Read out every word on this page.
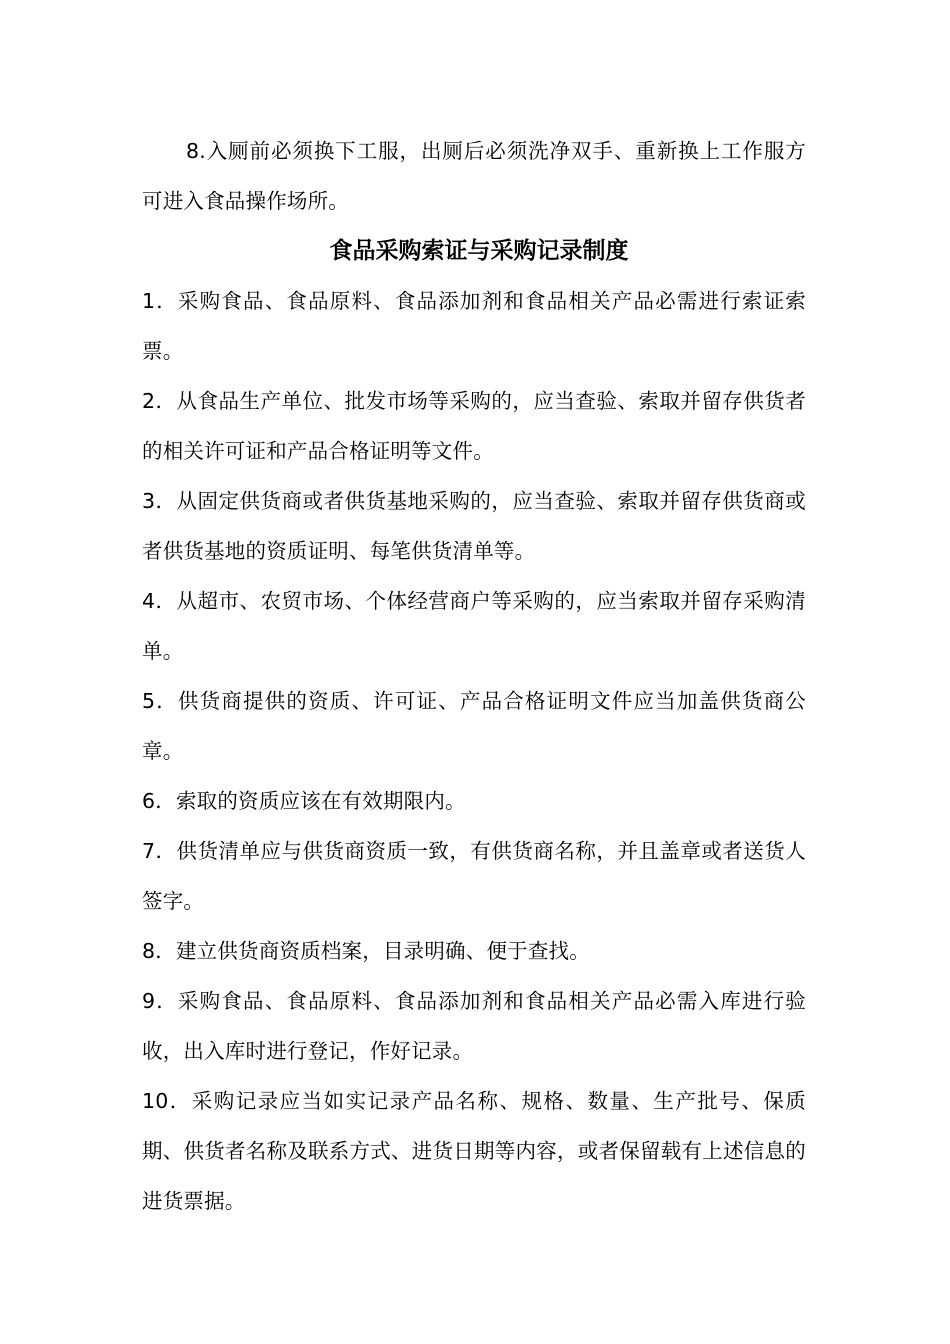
8.入厕前必须换下工服，出厕后必须洗净双手、重新换上工作服方可进入食品操作场所。

食品采购索证与采购记录制度

1．采购食品、食品原料、食品添加剂和食品相关产品必需进行索证索票。

2．从食品生产单位、批发市场等采购的，应当查验、索取并留存供货者的相关许可证和产品合格证明等文件。

3．从固定供货商或者供货基地采购的，应当查验、索取并留存供货商或者供货基地的资质证明、每笔供货清单等。

4．从超市、农贸市场、个体经营商户等采购的，应当索取并留存采购清单。

5．供货商提供的资质、许可证、产品合格证明文件应当加盖供货商公章。

6．索取的资质应该在有效期限内。

7．供货清单应与供货商资质一致，有供货商名称，并且盖章或者送货人签字。

8．建立供货商资质档案，目录明确、便于查找。

9．采购食品、食品原料、食品添加剂和食品相关产品必需入库进行验收，出入库时进行登记，作好记录。

10．采购记录应当如实记录产品名称、规格、数量、生产批号、保质期、供货者名称及联系方式、进货日期等内容，或者保留载有上述信息的进货票据。
